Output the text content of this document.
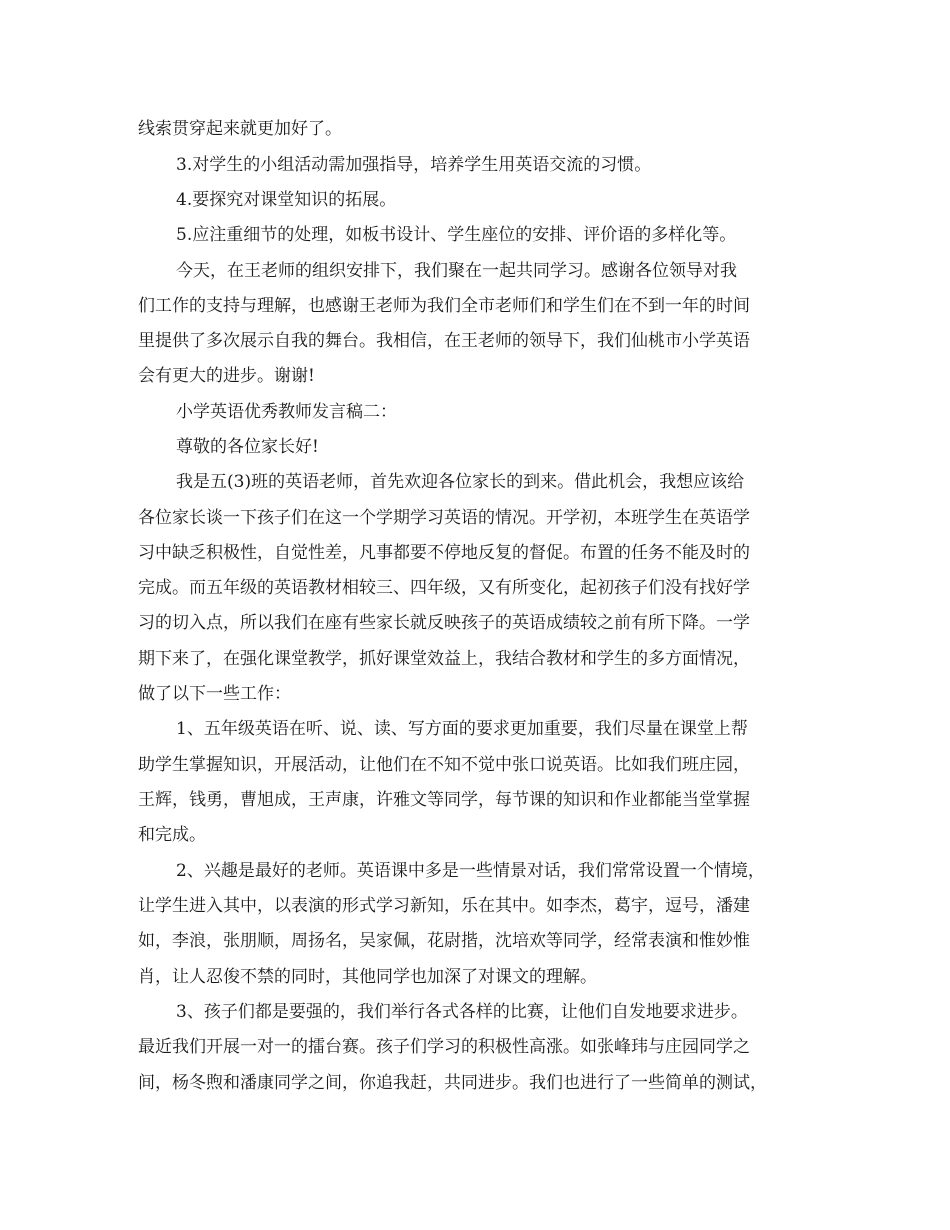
线索贯穿起来就更加好了。
3.对学生的小组活动需加强指导，培养学生用英语交流的习惯。
4.要探究对课堂知识的拓展。
5.应注重细节的处理，如板书设计、学生座位的安排、评价语的多样化等。
今天，在王老师的组织安排下，我们聚在一起共同学习。感谢各位领导对我
们工作的支持与理解，也感谢王老师为我们全市老师们和学生们在不到一年的时间
里提供了多次展示自我的舞台。我相信，在王老师的领导下，我们仙桃市小学英语
会有更大的进步。谢谢!
小学英语优秀教师发言稿二：
尊敬的各位家长好!
我是五(3)班的英语老师，首先欢迎各位家长的到来。借此机会，我想应该给
各位家长谈一下孩子们在这一个学期学习英语的情况。开学初，本班学生在英语学
习中缺乏积极性，自觉性差，凡事都要不停地反复的督促。布置的任务不能及时的
完成。而五年级的英语教材相较三、四年级，又有所变化，起初孩子们没有找好学
习的切入点，所以我们在座有些家长就反映孩子的英语成绩较之前有所下降。一学
期下来了，在强化课堂教学，抓好课堂效益上，我结合教材和学生的多方面情况，
做了以下一些工作：
1、五年级英语在听、说、读、写方面的要求更加重要，我们尽量在课堂上帮
助学生掌握知识，开展活动，让他们在不知不觉中张口说英语。比如我们班庄园，
王辉，钱勇，曹旭成，王声康，许雅文等同学，每节课的知识和作业都能当堂掌握
和完成。
2、兴趣是最好的老师。英语课中多是一些情景对话，我们常常设置一个情境，
让学生进入其中，以表演的形式学习新知，乐在其中。如李杰，葛宇，逗号，潘建
如，李浪，张朋顺，周扬名，吴家佩，花尉揩，沈培欢等同学，经常表演和惟妙惟
肖，让人忍俊不禁的同时，其他同学也加深了对课文的理解。
3、孩子们都是要强的，我们举行各式各样的比赛，让他们自发地要求进步。
最近我们开展一对一的擂台赛。孩子们学习的积极性高涨。如张峰玮与庄园同学之
间，杨冬煦和潘康同学之间，你追我赶，共同进步。我们也进行了一些简单的测试，
